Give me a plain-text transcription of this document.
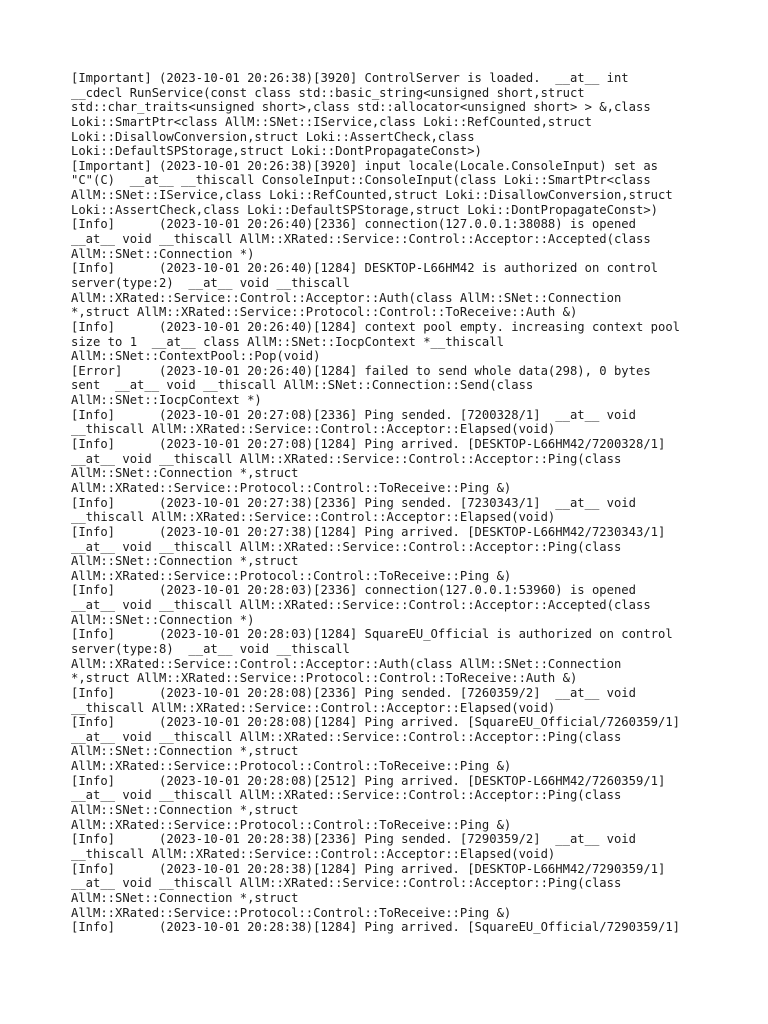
[Important] (2023-10-01 20:26:38)[3920] ControlServer is loaded.  __at__ int
__cdecl RunService(const class std::basic_string<unsigned short,struct
std::char_traits<unsigned short>,class std::allocator<unsigned short> > &,class
Loki::SmartPtr<class AllM::SNet::IService,class Loki::RefCounted,struct
Loki::DisallowConversion,struct Loki::AssertCheck,class
Loki::DefaultSPStorage,struct Loki::DontPropagateConst>)
[Important] (2023-10-01 20:26:38)[3920] input locale(Locale.ConsoleInput) set as
"C"(C)  __at__ __thiscall ConsoleInput::ConsoleInput(class Loki::SmartPtr<class
AllM::SNet::IService,class Loki::RefCounted,struct Loki::DisallowConversion,struct
Loki::AssertCheck,class Loki::DefaultSPStorage,struct Loki::DontPropagateConst>)
[Info]      (2023-10-01 20:26:40)[2336] connection(127.0.0.1:38088) is opened
__at__ void __thiscall AllM::XRated::Service::Control::Acceptor::Accepted(class
AllM::SNet::Connection *)
[Info]      (2023-10-01 20:26:40)[1284] DESKTOP-L66HM42 is authorized on control
server(type:2)  __at__ void __thiscall
AllM::XRated::Service::Control::Acceptor::Auth(class AllM::SNet::Connection
*,struct AllM::XRated::Service::Protocol::Control::ToReceive::Auth &)
[Info]      (2023-10-01 20:26:40)[1284] context pool empty. increasing context pool
size to 1  __at__ class AllM::SNet::IocpContext *__thiscall
AllM::SNet::ContextPool::Pop(void)
[Error]     (2023-10-01 20:26:40)[1284] failed to send whole data(298), 0 bytes
sent  __at__ void __thiscall AllM::SNet::Connection::Send(class
AllM::SNet::IocpContext *)
[Info]      (2023-10-01 20:27:08)[2336] Ping sended. [7200328/1]  __at__ void
__thiscall AllM::XRated::Service::Control::Acceptor::Elapsed(void)
[Info]      (2023-10-01 20:27:08)[1284] Ping arrived. [DESKTOP-L66HM42/7200328/1]
__at__ void __thiscall AllM::XRated::Service::Control::Acceptor::Ping(class
AllM::SNet::Connection *,struct
AllM::XRated::Service::Protocol::Control::ToReceive::Ping &)
[Info]      (2023-10-01 20:27:38)[2336] Ping sended. [7230343/1]  __at__ void
__thiscall AllM::XRated::Service::Control::Acceptor::Elapsed(void)
[Info]      (2023-10-01 20:27:38)[1284] Ping arrived. [DESKTOP-L66HM42/7230343/1]
__at__ void __thiscall AllM::XRated::Service::Control::Acceptor::Ping(class
AllM::SNet::Connection *,struct
AllM::XRated::Service::Protocol::Control::ToReceive::Ping &)
[Info]      (2023-10-01 20:28:03)[2336] connection(127.0.0.1:53960) is opened
__at__ void __thiscall AllM::XRated::Service::Control::Acceptor::Accepted(class
AllM::SNet::Connection *)
[Info]      (2023-10-01 20:28:03)[1284] SquareEU_Official is authorized on control
server(type:8)  __at__ void __thiscall
AllM::XRated::Service::Control::Acceptor::Auth(class AllM::SNet::Connection
*,struct AllM::XRated::Service::Protocol::Control::ToReceive::Auth &)
[Info]      (2023-10-01 20:28:08)[2336] Ping sended. [7260359/2]  __at__ void
__thiscall AllM::XRated::Service::Control::Acceptor::Elapsed(void)
[Info]      (2023-10-01 20:28:08)[1284] Ping arrived. [SquareEU_Official/7260359/1]
__at__ void __thiscall AllM::XRated::Service::Control::Acceptor::Ping(class
AllM::SNet::Connection *,struct
AllM::XRated::Service::Protocol::Control::ToReceive::Ping &)
[Info]      (2023-10-01 20:28:08)[2512] Ping arrived. [DESKTOP-L66HM42/7260359/1]
__at__ void __thiscall AllM::XRated::Service::Control::Acceptor::Ping(class
AllM::SNet::Connection *,struct
AllM::XRated::Service::Protocol::Control::ToReceive::Ping &)
[Info]      (2023-10-01 20:28:38)[2336] Ping sended. [7290359/2]  __at__ void
__thiscall AllM::XRated::Service::Control::Acceptor::Elapsed(void)
[Info]      (2023-10-01 20:28:38)[1284] Ping arrived. [DESKTOP-L66HM42/7290359/1]
__at__ void __thiscall AllM::XRated::Service::Control::Acceptor::Ping(class
AllM::SNet::Connection *,struct
AllM::XRated::Service::Protocol::Control::ToReceive::Ping &)
[Info]      (2023-10-01 20:28:38)[1284] Ping arrived. [SquareEU_Official/7290359/1]
